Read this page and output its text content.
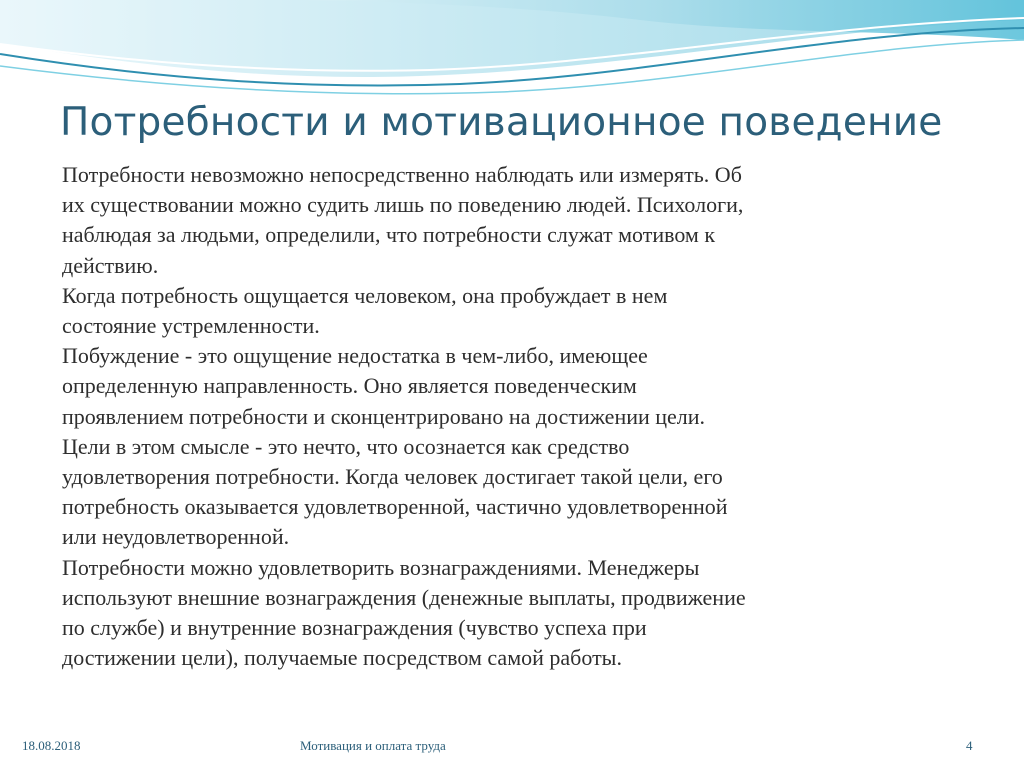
Потребности и мотивационное поведение

Потребности невозможно непосредственно наблюдать или измерять. Об

их существовании можно судить лишь по поведению людей. Психологи,

наблюдая за людьми, определили, что потребности служат мотивом к

действию.

Когда потребность ощущается человеком, она пробуждает в нем

состояние устремленности.

Побуждение - это ощущение недостатка в чем-либо, имеющее

определенную направленность. Оно является поведенческим

проявлением потребности и сконцентрировано на достижении цели.

Цели в этом смысле - это нечто, что осознается как средство

удовлетворения потребности. Когда человек достигает такой цели, его

потребность оказывается удовлетворенной, частично удовлетворенной

или неудовлетворенной.

Потребности можно удовлетворить вознаграждениями. Менеджеры

используют внешние вознаграждения (денежные выплаты, продвижение

по службе) и внутренние вознаграждения (чувство успеха при

достижении цели), получаемые посредством самой работы.

18.08.2018	Мотивация и оплата труда	4
